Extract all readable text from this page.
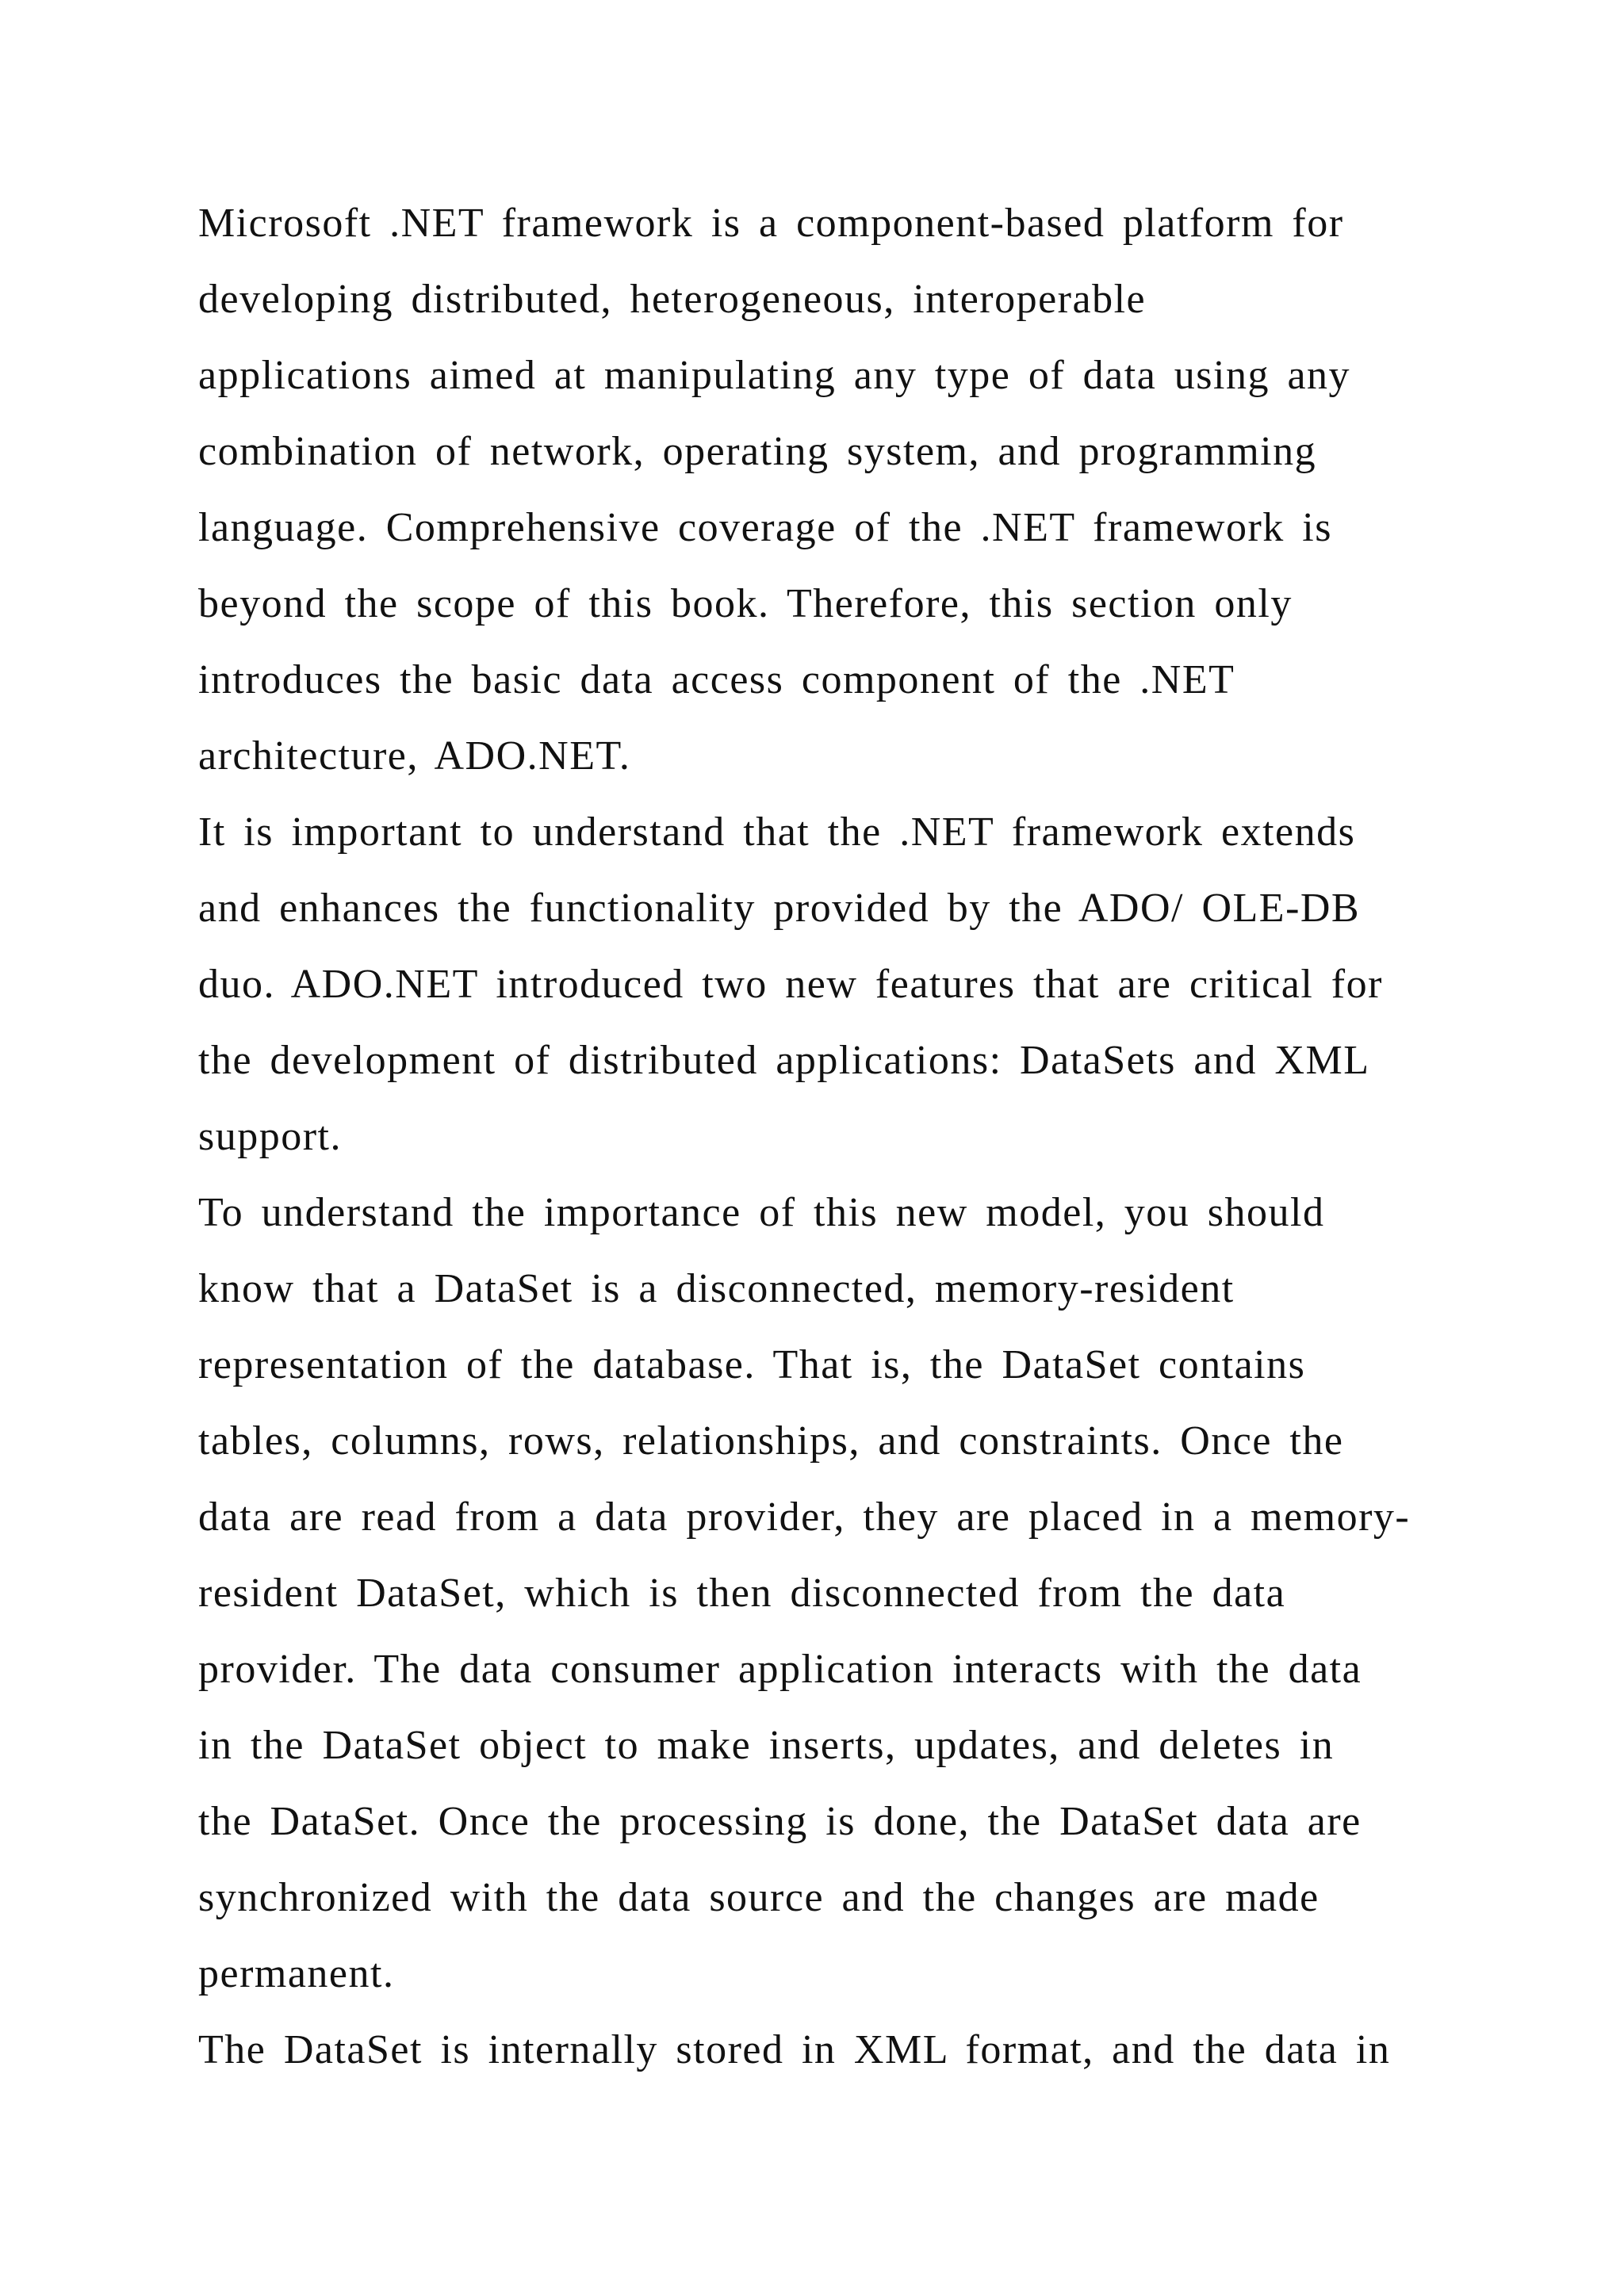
Microsoft .NET framework is a component-based platform for
developing distributed, heterogeneous, interoperable
applications aimed at manipulating any type of data using any
combination of network, operating system, and programming
language. Comprehensive coverage of the .NET framework is
beyond the scope of this book. Therefore, this section only
introduces the basic data access component of the .NET
architecture, ADO.NET.
It is important to understand that the .NET framework extends
and enhances the functionality provided by the ADO/ OLE-DB
duo. ADO.NET introduced two new features that are critical for
the development of distributed applications: DataSets and XML
support.
To understand the importance of this new model, you should
know that a DataSet is a disconnected, memory-resident
representation of the database. That is, the DataSet contains
tables, columns, rows, relationships, and constraints. Once the
data are read from a data provider, they are placed in a memory-
resident DataSet, which is then disconnected from the data
provider. The data consumer application interacts with the data
in the DataSet object to make inserts, updates, and deletes in
the DataSet. Once the processing is done, the DataSet data are
synchronized with the data source and the changes are made
permanent.
The DataSet is internally stored in XML format, and the data in
